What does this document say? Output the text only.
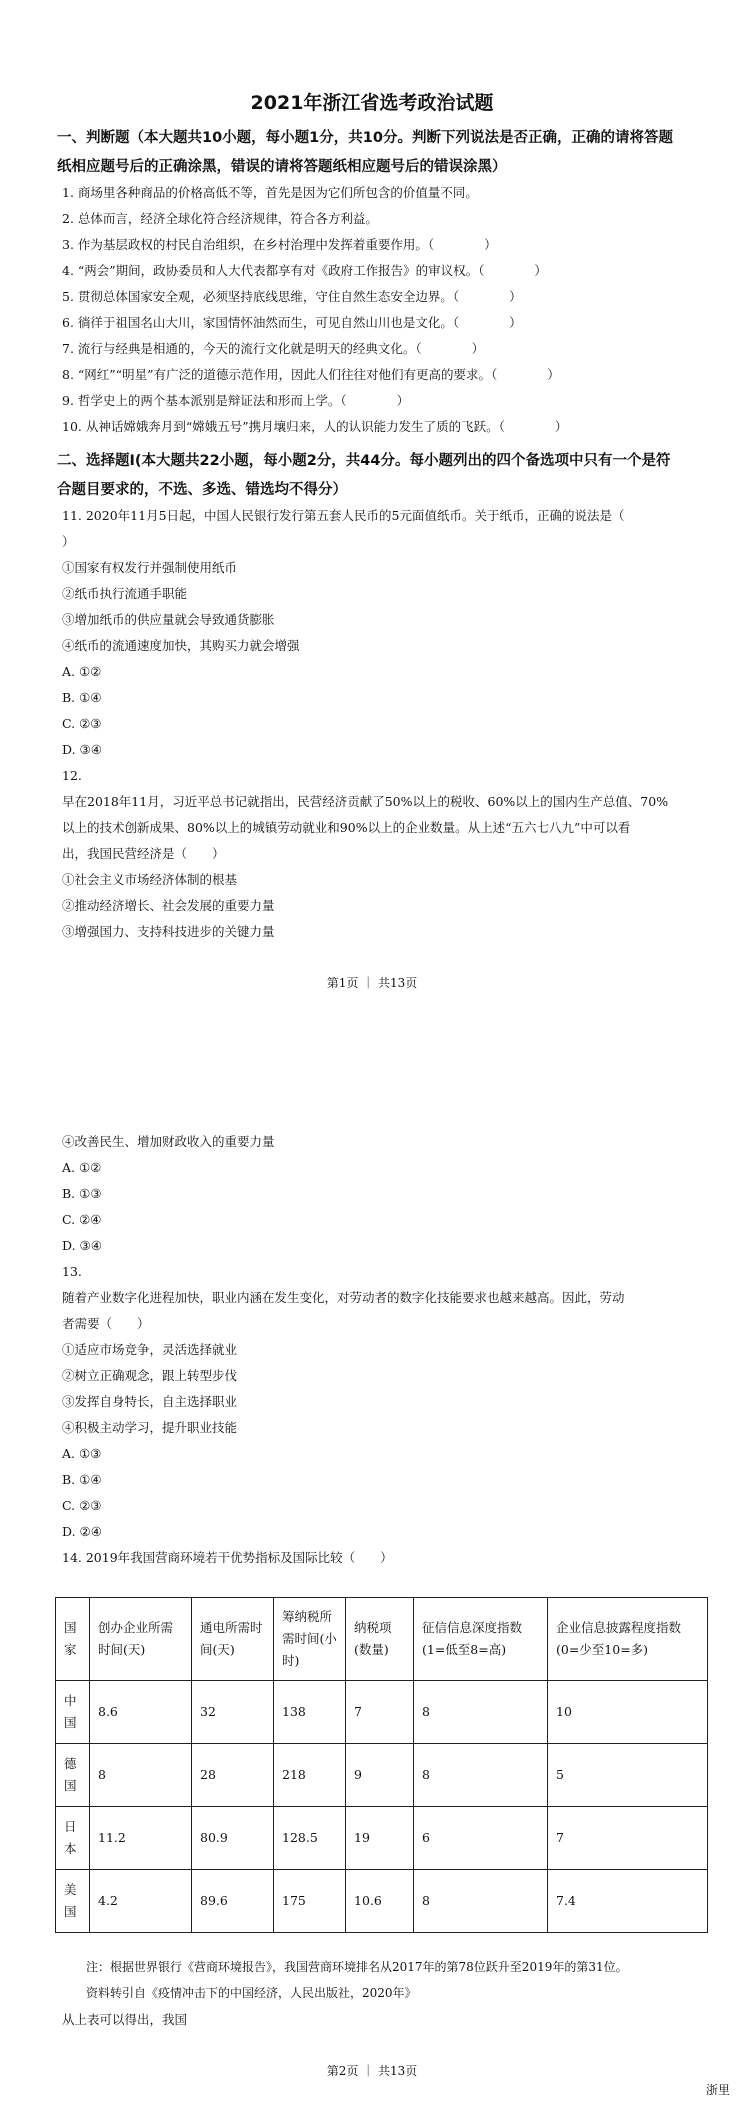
2021年浙江省选考政治试题

一、判断题（本大题共10小题，每小题1分，共10分。判断下列说法是否正确，正确的请将答题

纸相应题号后的正确涂黑，错误的请将答题纸相应题号后的错误涂黑）

1. 商场里各种商品的价格高低不等，首先是因为它们所包含的价值量不同。

2. 总体而言，经济全球化符合经济规律，符合各方利益。

3. 作为基层政权的村民自治组织，在乡村治理中发挥着重要作用。（　　　　）

4. “两会”期间，政协委员和人大代表都享有对《政府工作报告》的审议权。（　　　　）

5. 贯彻总体国家安全观，必须坚持底线思维，守住自然生态安全边界。（　　　　）

6. 徜徉于祖国名山大川，家国情怀油然而生，可见自然山川也是文化。（　　　　）

7. 流行与经典是相通的，今天的流行文化就是明天的经典文化。（　　　　）

8. “网红”“明星”有广泛的道德示范作用，因此人们往往对他们有更高的要求。（　　　　）

9. 哲学史上的两个基本派别是辩证法和形而上学。（　　　　）

10. 从神话嫦娥奔月到“嫦娥五号”携月壤归来，人的认识能力发生了质的飞跃。（　　　　）

二、选择题Ⅰ(本大题共22小题，每小题2分，共44分。每小题列出的四个备选项中只有一个是符

合题目要求的，不选、多选、错选均不得分）

11. 2020年11月5日起，中国人民银行发行第五套人民币的5元面值纸币。关于纸币，正确的说法是（

）

①国家有权发行并强制使用纸币

②纸币执行流通手职能

③增加纸币的供应量就会导致通货膨胀

④纸币的流通速度加快，其购买力就会增强

A. ①②

B. ①④

C. ②③

D. ③④

12.

早在2018年11月，习近平总书记就指出，民营经济贡献了50%以上的税收、60%以上的国内生产总值、70%

以上的技术创新成果、80%以上的城镇劳动就业和90%以上的企业数量。从上述“五六七八九”中可以看

出，我国民营经济是（　　）

①社会主义市场经济体制的根基

②推动经济增长、社会发展的重要力量

③增强国力、支持科技进步的关键力量

第1页 ｜ 共13页

④改善民生、增加财政收入的重要力量

A. ①②

B. ①③

C. ②④

D. ③④

13.

随着产业数字化进程加快，职业内涵在发生变化，对劳动者的数字化技能要求也越来越高。因此，劳动

者需要（　　）

①适应市场竞争，灵活选择就业

②树立正确观念，跟上转型步伐

③发挥自身特长，自主选择职业

④积极主动学习，提升职业技能

A. ①③

B. ①④

C. ②③

D. ②④

14. 2019年我国营商环境若干优势指标及国际比较（　　）

国家	创办企业所需时间(天)	通电所需时间(天)	筹纳税所需时间(小时)	纳税项(数量)	征信信息深度指数(1=低至8=高)	企业信息披露程度指数(0=少至10=多)
中国	8.6	32	138	7	8	10
德国	8	28	218	9	8	5
日本	11.2	80.9	128.5	19	6	7
美国	4.2	89.6	175	10.6	8	7.4

注：根据世界银行《营商环境报告》，我国营商环境排名从2017年的第78位跃升至2019年的第31位。

资料转引自《疫情冲击下的中国经济，人民出版社，2020年》

从上表可以得出，我国

第2页 ｜ 共13页

浙里
